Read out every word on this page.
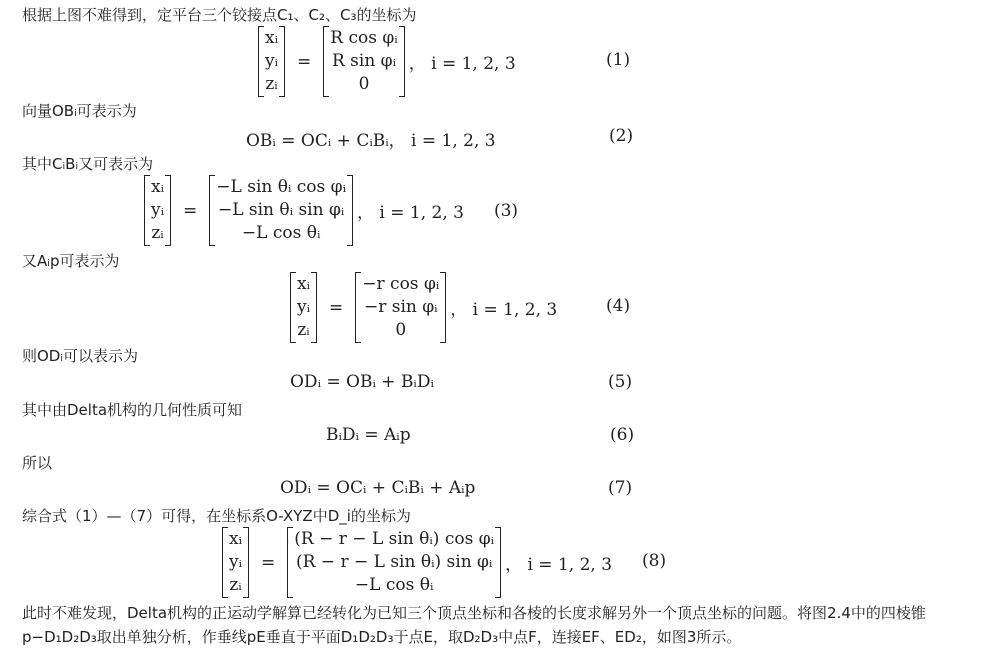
根据上图不难得到，定平台三个铰接点C₁、C₂、C₃的坐标为
xᵢ
yᵢ
zᵢ
=
R cos φᵢ
R sin φᵢ
0
， i = 1, 2, 3	(1)
向量OBᵢ可表示为
OBᵢ = OCᵢ + CᵢBᵢ， i = 1, 2, 3	(2)
其中CᵢBᵢ又可表示为
xᵢ
yᵢ
zᵢ
=
−L sin θᵢ cos φᵢ
−L sin θᵢ sin φᵢ
−L cos θᵢ
， i = 1, 2, 3 (3)
又Aᵢp可表示为
xᵢ
yᵢ
zᵢ
=
−r cos φᵢ
−r sin φᵢ
0
， i = 1, 2, 3	(4)
则ODᵢ可以表示为
ODᵢ = OBᵢ + BᵢDᵢ	(5)
其中由Delta机构的几何性质可知
BᵢDᵢ = Aᵢp	(6)
所以
ODᵢ = OCᵢ + CᵢBᵢ + Aᵢp	(7)
综合式（1）—（7）可得，在坐标系O-XYZ中D_i的坐标为
xᵢ
yᵢ
zᵢ
=
(R − r − L sin θᵢ) cos φᵢ
(R − r − L sin θᵢ) sin φᵢ
−L cos θᵢ
， i = 1, 2, 3 (8)
此时不难发现，Delta机构的正运动学解算已经转化为已知三个顶点坐标和各棱的长度求解另外一个顶点坐标的问题。将图2.4中的四棱锥
p−D₁D₂D₃取出单独分析，作垂线pE垂直于平面D₁D₂D₃于点E，取D₂D₃中点F，连接EF、ED₂，如图3所示。
